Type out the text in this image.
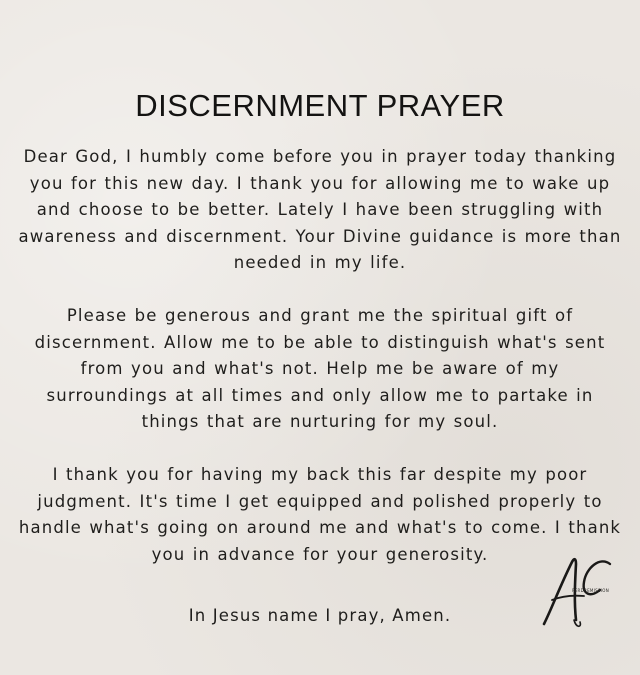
DISCERNMENT PRAYER

Dear God, I humbly come before you in prayer today thanking you for this new day. I thank you for allowing me to wake up and choose to be better. Lately I have been struggling with awareness and discernment. Your Divine guidance is more than needed in my life.

Please be generous and grant me the spiritual gift of discernment. Allow me to be able to distinguish what's sent from you and what's not. Help me be aware of my surroundings at all times and only allow me to partake in things that are nurturing for my soul.

I thank you for having my back this far despite my poor judgment. It's time I get equipped and polished properly to handle what's going on around me and what's to come. I thank you in advance for your generosity.

In Jesus name I pray, Amen.

PERDREMISSION
